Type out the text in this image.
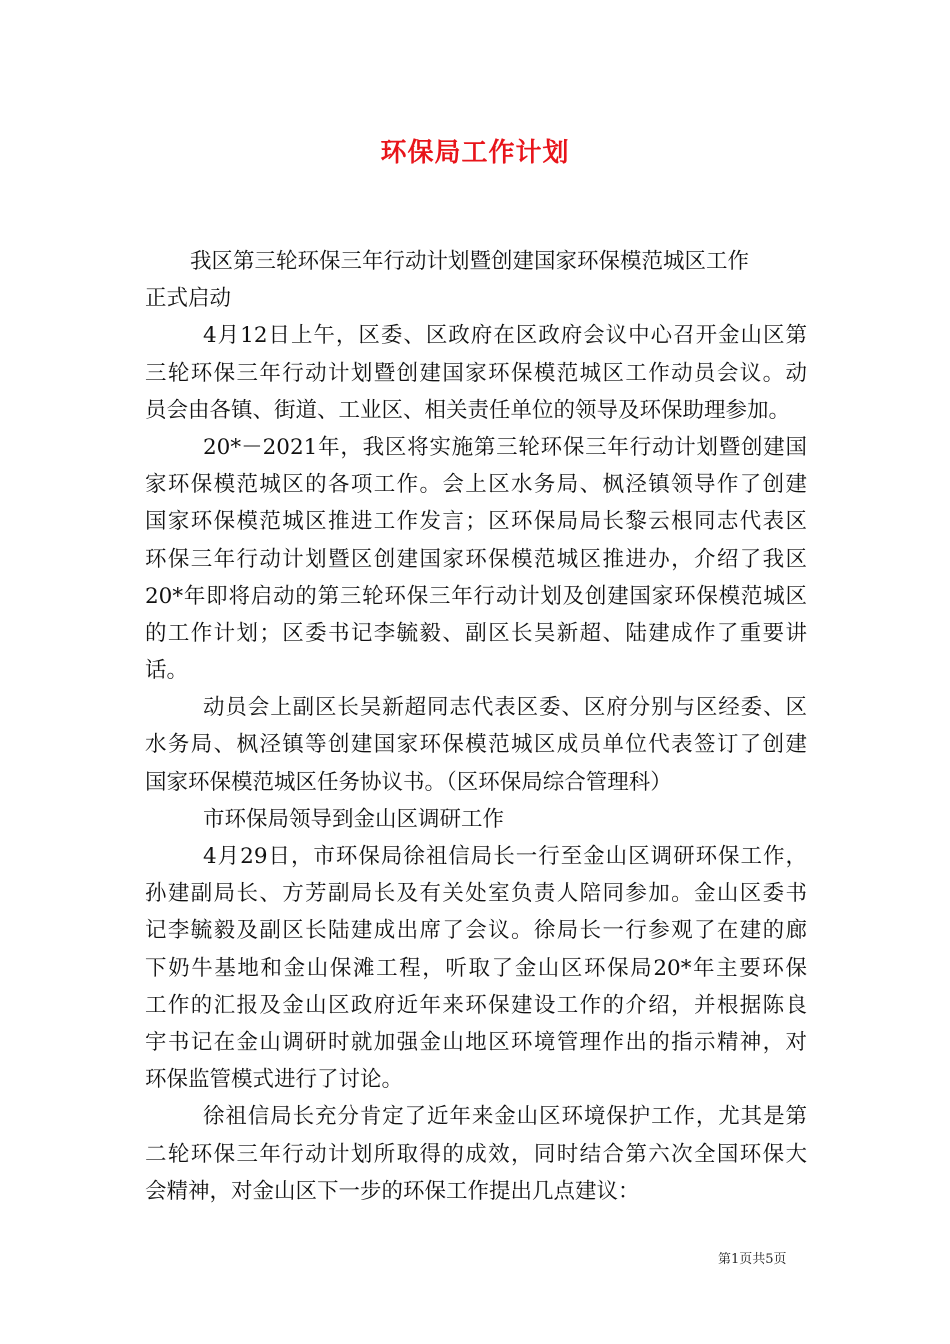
环保局工作计划
我区第三轮环保三年行动计划暨创建国家环保模范城区工作
正式启动
4月12日上午，区委、区政府在区政府会议中心召开金山区第
三轮环保三年行动计划暨创建国家环保模范城区工作动员会议。动
员会由各镇、街道、工业区、相关责任单位的领导及环保助理参加。
20*－2021年，我区将实施第三轮环保三年行动计划暨创建国
家环保模范城区的各项工作。会上区水务局、枫泾镇领导作了创建
国家环保模范城区推进工作发言；区环保局局长黎云根同志代表区
环保三年行动计划暨区创建国家环保模范城区推进办，介绍了我区
20*年即将启动的第三轮环保三年行动计划及创建国家环保模范城区
的工作计划；区委书记李毓毅、副区长吴新超、陆建成作了重要讲
话。
动员会上副区长吴新超同志代表区委、区府分别与区经委、区
水务局、枫泾镇等创建国家环保模范城区成员单位代表签订了创建
国家环保模范城区任务协议书。（区环保局综合管理科）
市环保局领导到金山区调研工作
4月29日，市环保局徐祖信局长一行至金山区调研环保工作，
孙建副局长、方芳副局长及有关处室负责人陪同参加。金山区委书
记李毓毅及副区长陆建成出席了会议。徐局长一行参观了在建的廊
下奶牛基地和金山保滩工程，听取了金山区环保局20*年主要环保
工作的汇报及金山区政府近年来环保建设工作的介绍，并根据陈良
宇书记在金山调研时就加强金山地区环境管理作出的指示精神，对
环保监管模式进行了讨论。
徐祖信局长充分肯定了近年来金山区环境保护工作，尤其是第
二轮环保三年行动计划所取得的成效，同时结合第六次全国环保大
会精神，对金山区下一步的环保工作提出几点建议：
第1页共5页
